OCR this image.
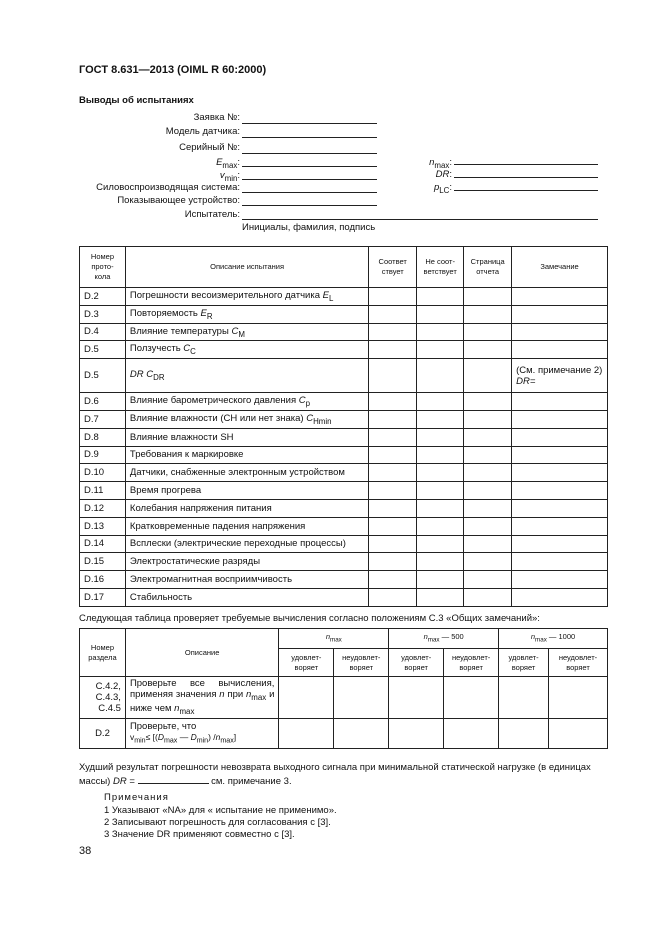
ГОСТ 8.631—2013 (OIML R 60:2000)
Выводы об испытаниях
Заявка №:
Модель датчика:
Серийный №:
$E_{max}$:
$v_{min}$:
Силовоспроизводящая система:
Показывающее устройство:
Испытатель:
$n_{max}$:
DR:
$p_{LC}$:
Инициалы, фамилия, подпись
Номер прото-кола	Описание испытания	Соответ ствует	Не соот-ветствует	Страница отчета	Замечание
D.2	Погрешности весоизмерительного датчика $E_L$				
D.3	Повторяемость $E_R$				
D.4	Влияние температуры $C_M$				
D.5	Ползучесть $C_C$				
D.5	DR $C_{DR}$				(См. примечание 2)
DR=
D.6	Влияние барометрического давления $C_p$				
D.7	Влияние влажности (СН или нет знака) $C_{Hmin}$				
D.8	Влияние влажности SH				
D.9	Требования к маркировке				
D.10	Датчики, снабженные электронным устройством				
D.11	Время прогрева				
D.12	Колебания напряжения питания				
D.13	Кратковременные падения напряжения				
D.14	Всплески (электрические переходные процессы)				
D.15	Электростатические разряды				
D.16	Электромагнитная восприимчивость				
D.17	Стабильность				
Следующая таблица проверяет требуемые вычисления согласно положениям С.3 «Общих замечаний»:
Номер раздела	Описание	$n_{max}$		$n_{max}$ — 500		$n_{max}$ — 1000	
		удовлет-воряет	неудовлет-воряет	удовлет-воряет	неудовлет-воряет	удовлет-воряет	неудовлет-воряет
С.4.2, С.4.3, С.4.5	Проверьте все вычисления, применяя значения n при $n_{max}$ и ниже чем $n_{max}$						
D.2	Проверьте, что
$v_{min}\le [(D_{max}$ — $D_{min}$) $/n_{max}$]						
Худший результат погрешности невозврата выходного сигнала при минимальной статической нагрузке (в единицах массы) DR =	см. примечание 3.
Примечания
1 Указывают «NA» для « испытание не применимо».
2 Записывают погрешность для согласования с [3].
3 Значение DR применяют совместно с [3].
38
